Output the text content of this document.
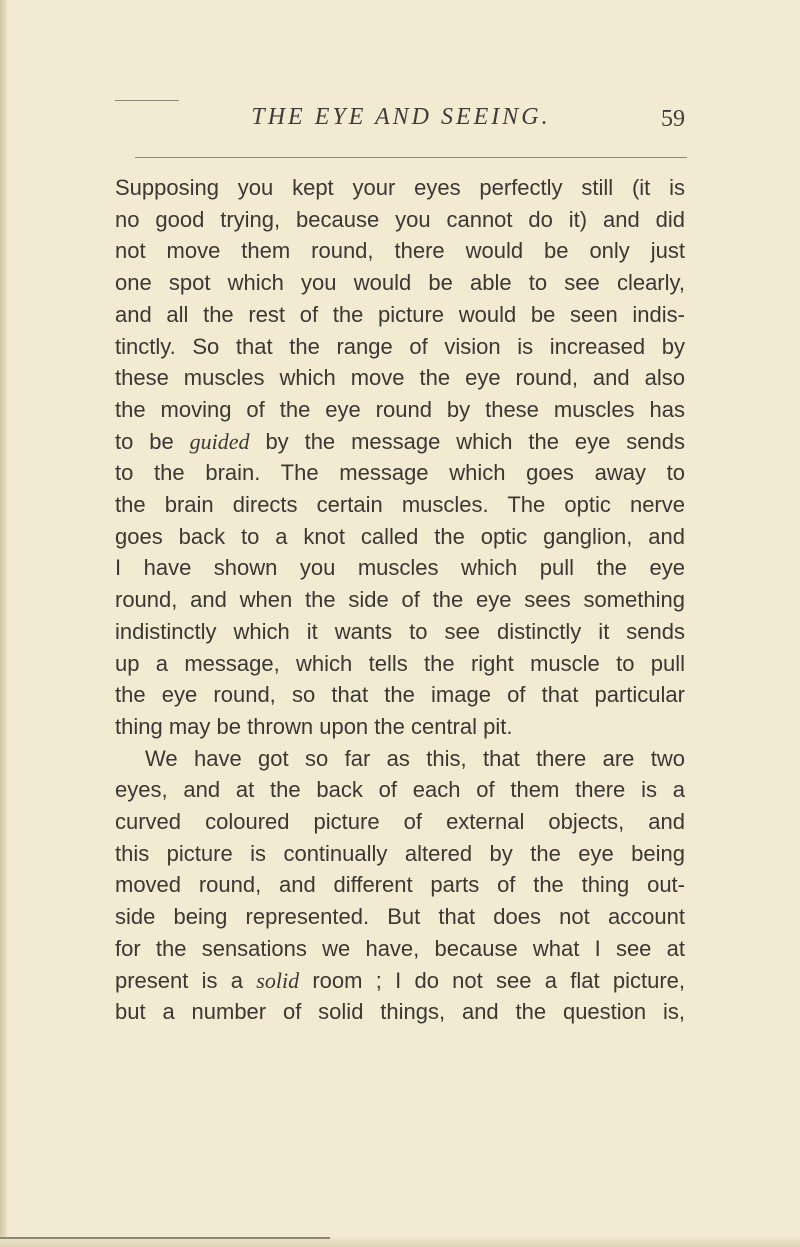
THE EYE AND SEEING.	59
Supposing you kept your eyes perfectly still (it is
no good trying, because you cannot do it) and did
not move them round, there would be only just
one spot which you would be able to see clearly,
and all the rest of the picture would be seen indis-
tinctly. So that the range of vision is increased by
these muscles which move the eye round, and also
the moving of the eye round by these muscles has
to be guided by the message which the eye sends
to the brain. The message which goes away to
the brain directs certain muscles. The optic nerve
goes back to a knot called the optic ganglion, and
I have shown you muscles which pull the eye
round, and when the side of the eye sees something
indistinctly which it wants to see distinctly it sends
up a message, which tells the right muscle to pull
the eye round, so that the image of that particular
thing may be thrown upon the central pit.
We have got so far as this, that there are two
eyes, and at the back of each of them there is a
curved coloured picture of external objects, and
this picture is continually altered by the eye being
moved round, and different parts of the thing out-
side being represented. But that does not account
for the sensations we have, because what I see at
present is a solid room ; I do not see a flat picture,
but a number of solid things, and the question is,
